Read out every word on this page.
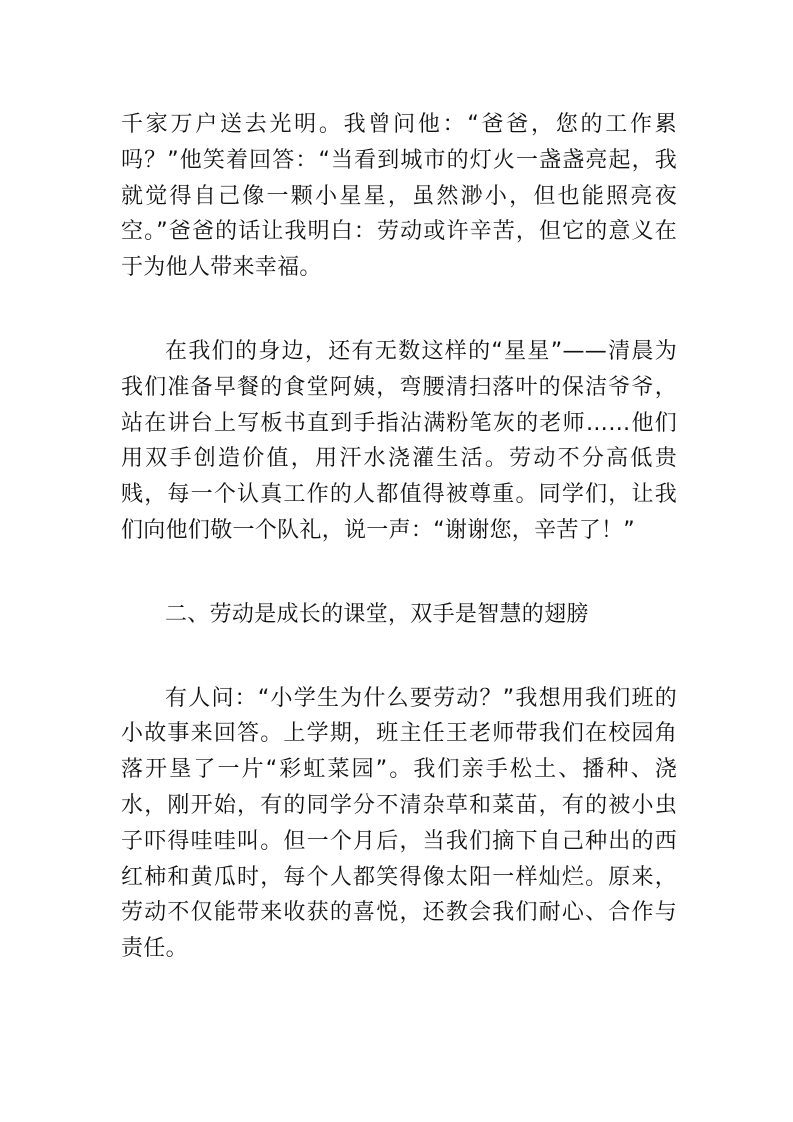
千家万户送去光明。我曾问他：“爸爸，您的工作累吗？”他笑着回答：“当看到城市的灯火一盏盏亮起，我就觉得自己像一颗小星星，虽然渺小，但也能照亮夜空。”爸爸的话让我明白：劳动或许辛苦，但它的意义在于为他人带来幸福。

在我们的身边，还有无数这样的“星星”——清晨为我们准备早餐的食堂阿姨，弯腰清扫落叶的保洁爷爷，站在讲台上写板书直到手指沾满粉笔灰的老师……他们用双手创造价值，用汗水浇灌生活。劳动不分高低贵贱，每一个认真工作的人都值得被尊重。同学们，让我们向他们敬一个队礼，说一声：“谢谢您，辛苦了！”

二、劳动是成长的课堂，双手是智慧的翅膀

有人问：“小学生为什么要劳动？”我想用我们班的小故事来回答。上学期，班主任王老师带我们在校园角落开垦了一片“彩虹菜园”。我们亲手松土、播种、浇水，刚开始，有的同学分不清杂草和菜苗，有的被小虫子吓得哇哇叫。但一个月后，当我们摘下自己种出的西红柿和黄瓜时，每个人都笑得像太阳一样灿烂。原来，劳动不仅能带来收获的喜悦，还教会我们耐心、合作与责任。
